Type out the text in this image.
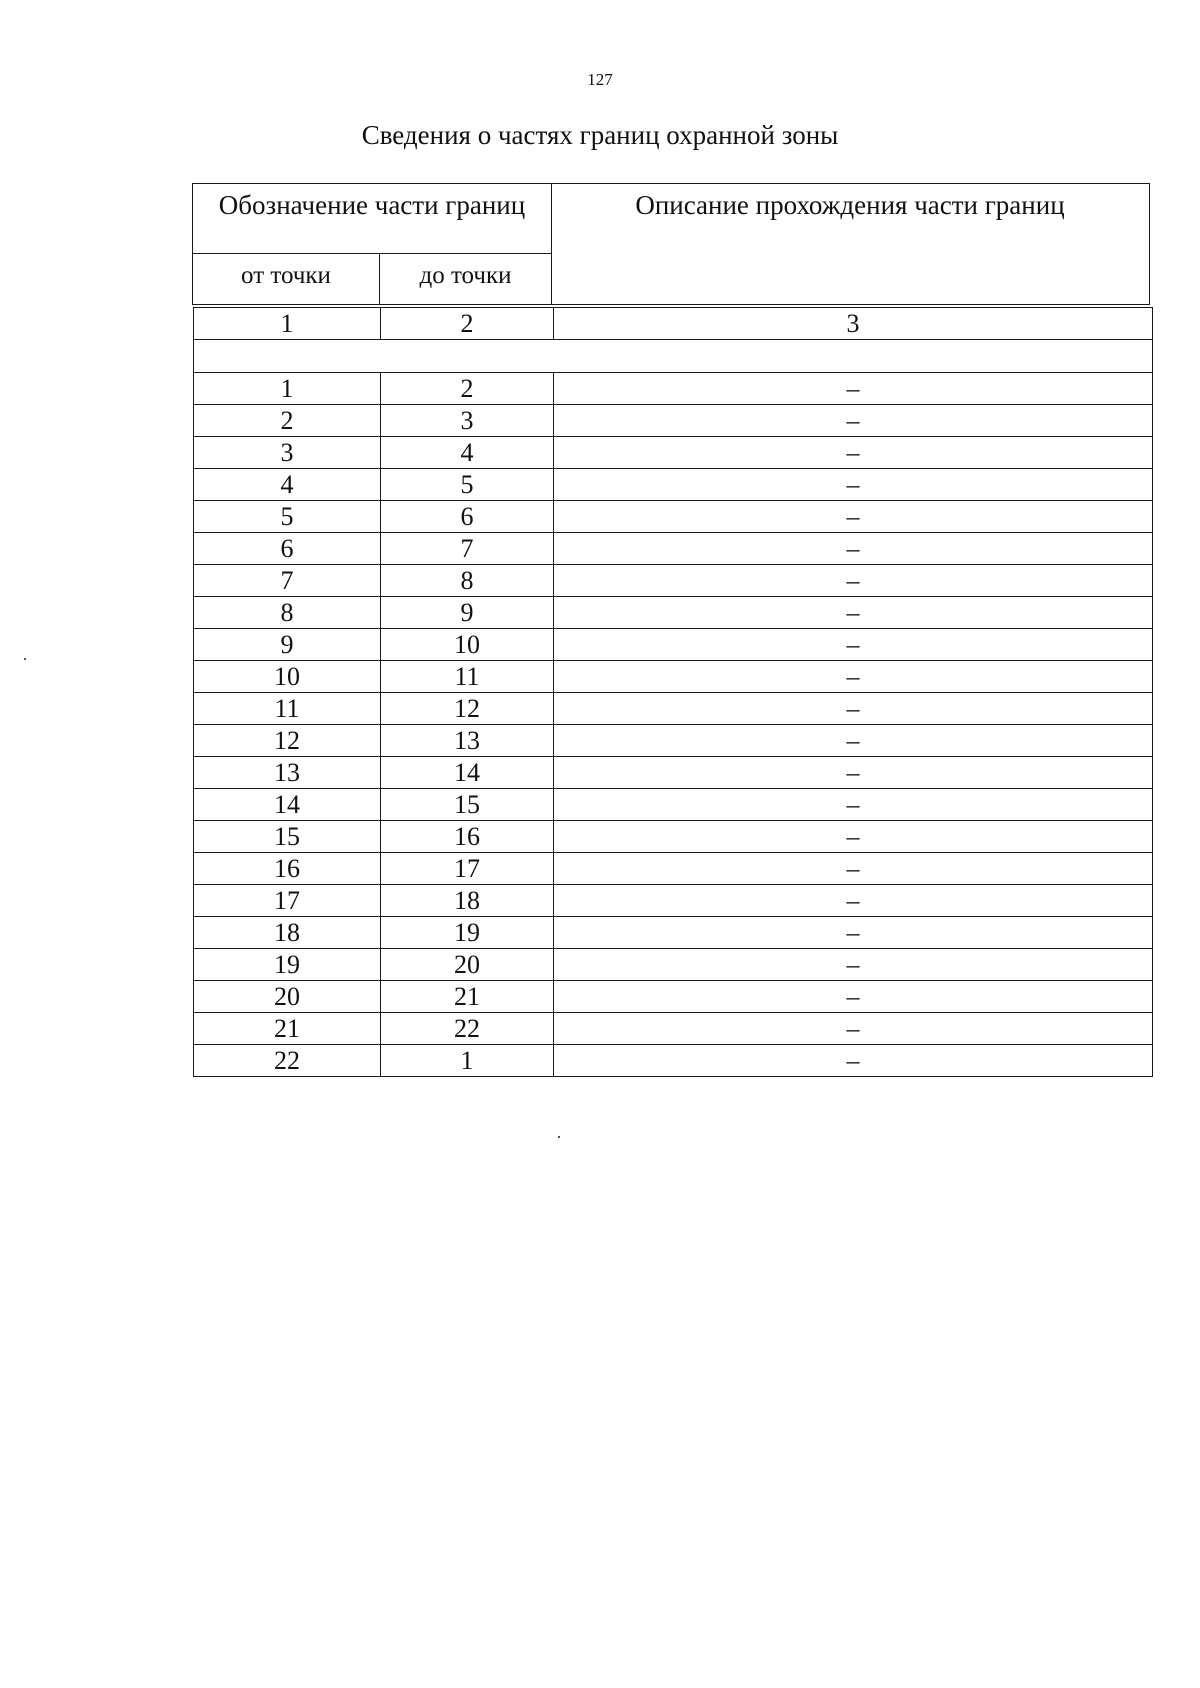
127
Сведения о частях границ охранной зоны
Обозначение части границ
от точки	до точки
Описание прохождения части границ
1	2	3

1	2	–
2	3	–
3	4	–
4	5	–
5	6	–
6	7	–
7	8	–
8	9	–
9	10	–
10	11	–
11	12	–
12	13	–
13	14	–
14	15	–
15	16	–
16	17	–
17	18	–
18	19	–
19	20	–
20	21	–
21	22	–
22	1	–
